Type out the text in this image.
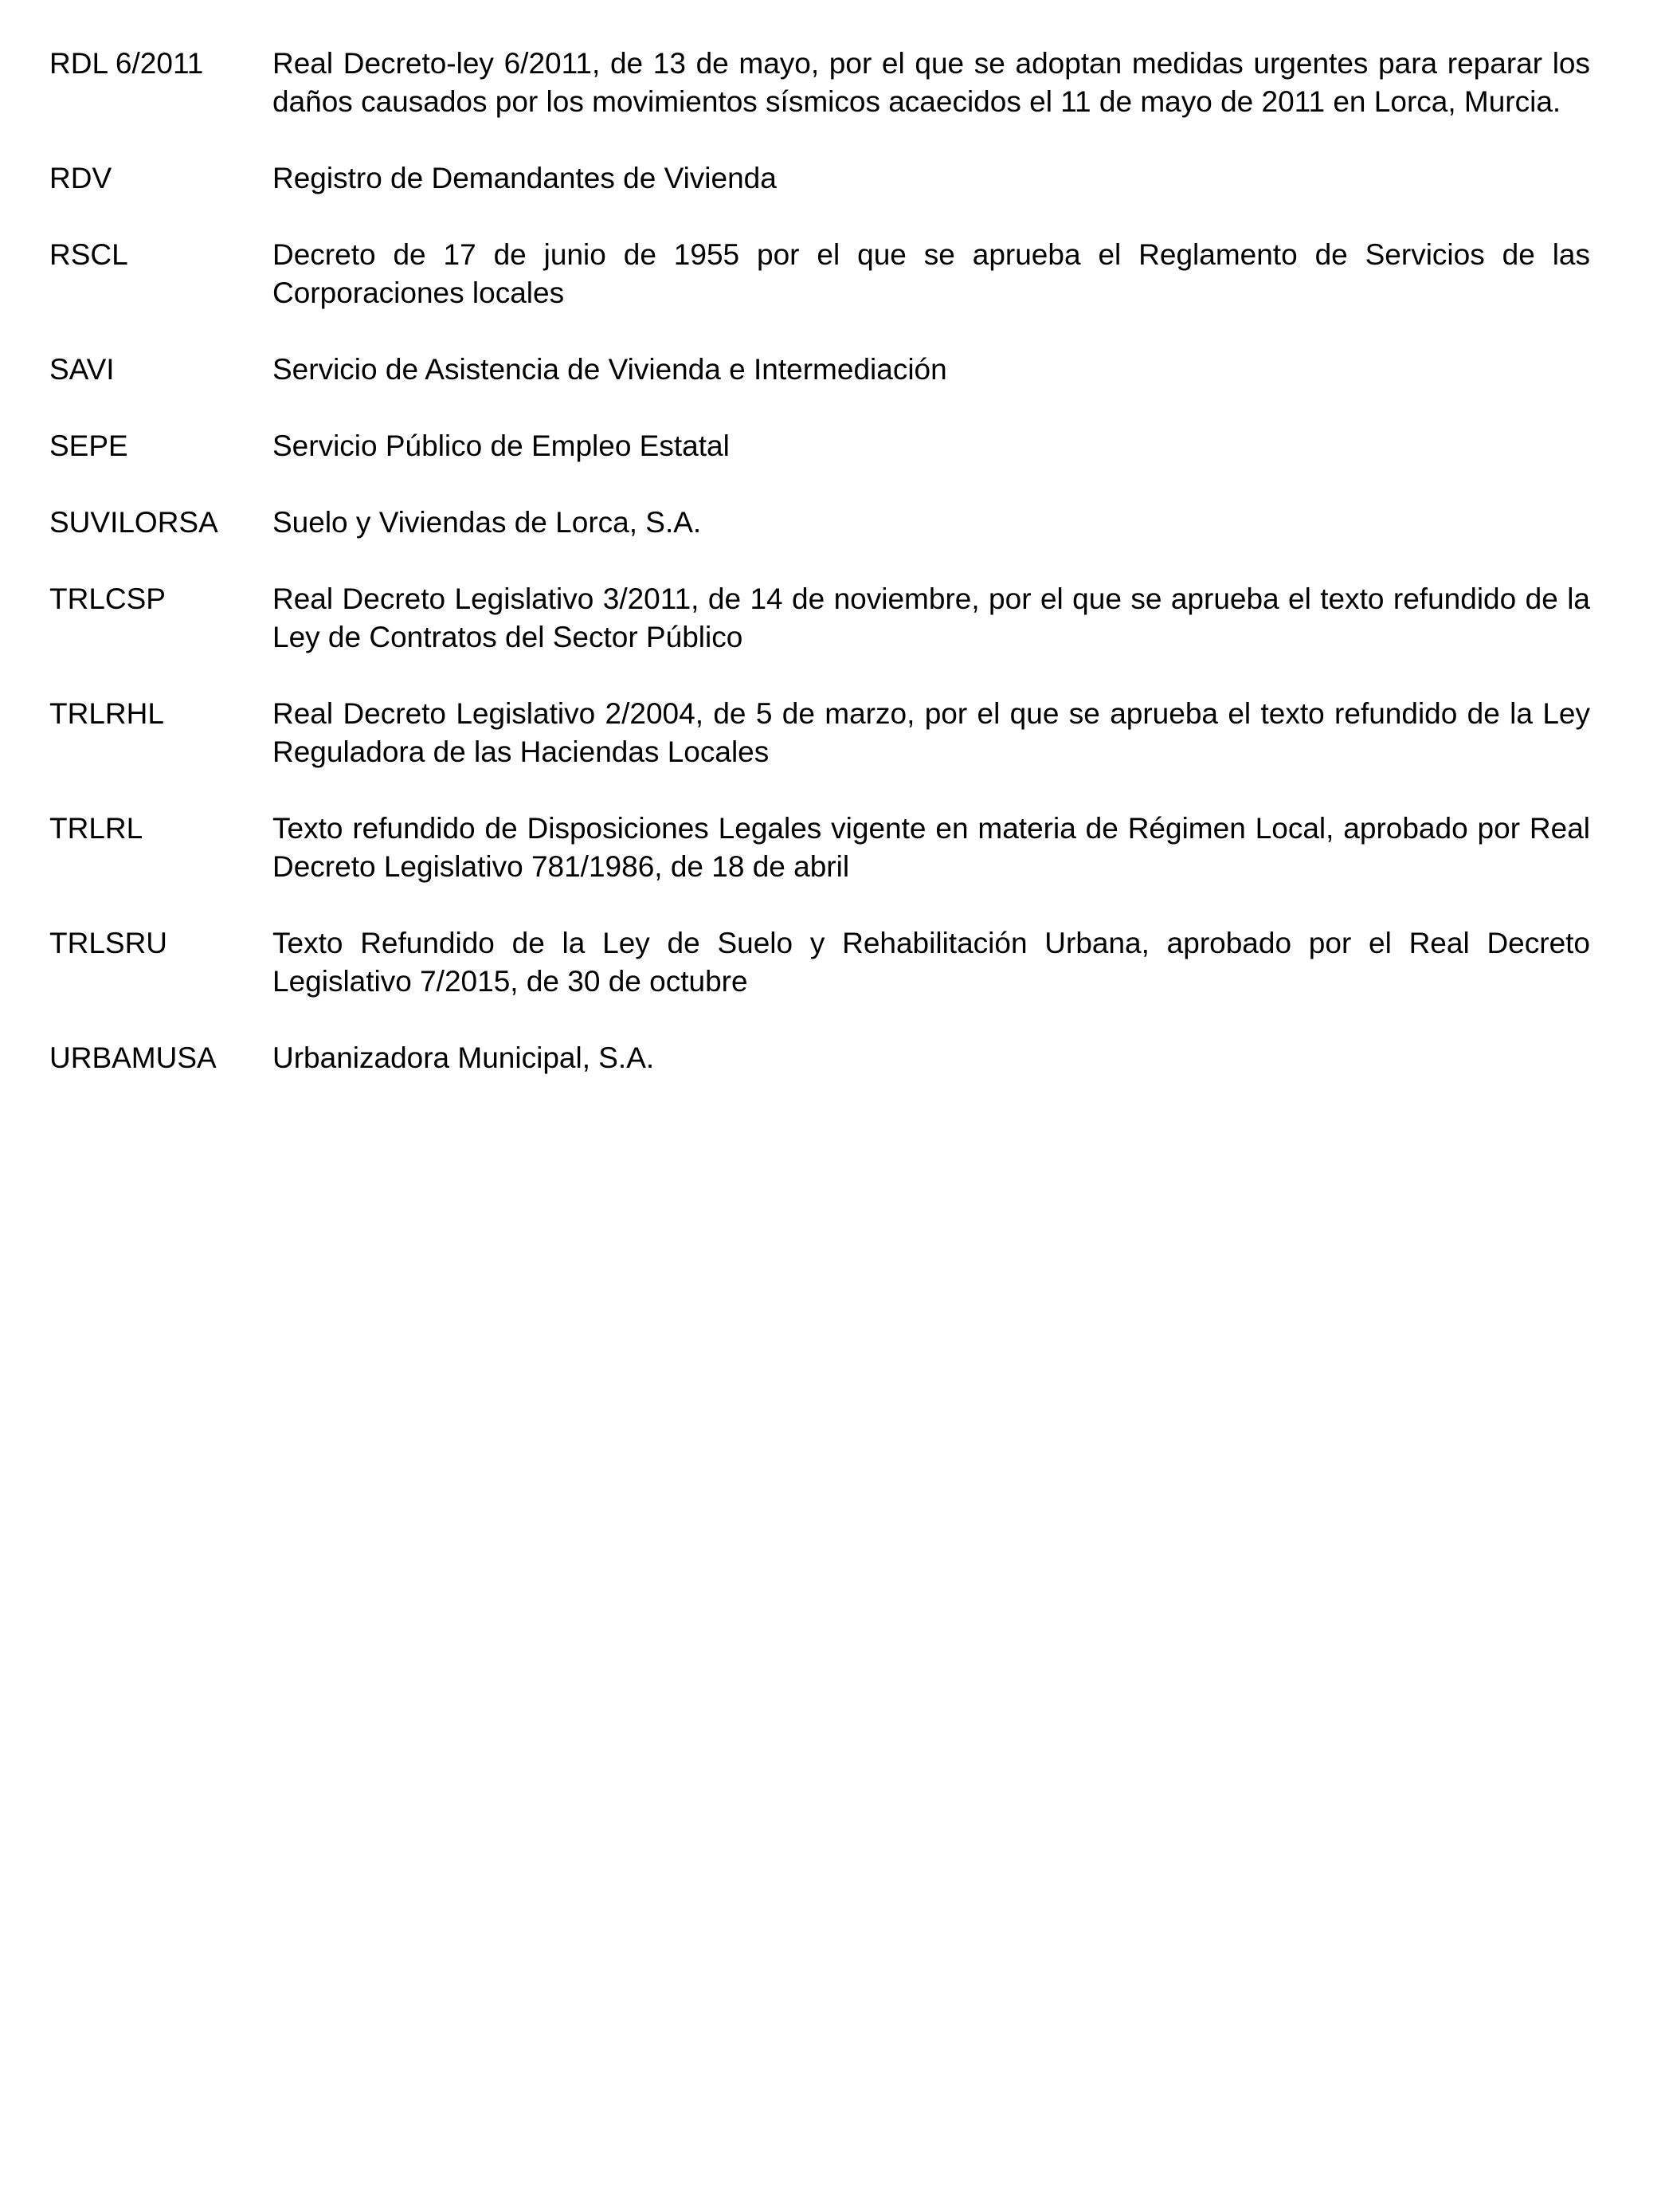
RDL 6/2011	Real Decreto-ley 6/2011, de 13 de mayo, por el que se adoptan medidas urgentes para reparar los daños causados por los movimientos sísmicos acaecidos el 11 de mayo de 2011 en Lorca, Murcia.
RDV	Registro de Demandantes de Vivienda
RSCL	Decreto de 17 de junio de 1955 por el que se aprueba el Reglamento de Servicios de las Corporaciones locales
SAVI	Servicio de Asistencia de Vivienda e Intermediación
SEPE	Servicio Público de Empleo Estatal
SUVILORSA	Suelo y Viviendas de Lorca, S.A.
TRLCSP	Real Decreto Legislativo 3/2011, de 14 de noviembre, por el que se aprueba el texto refundido de la Ley de Contratos del Sector Público
TRLRHL	Real Decreto Legislativo 2/2004, de 5 de marzo, por el que se aprueba el texto refundido de la Ley Reguladora de las Haciendas Locales
TRLRL	Texto refundido de Disposiciones Legales vigente en materia de Régimen Local, aprobado por Real Decreto Legislativo 781/1986, de 18 de abril
TRLSRU	Texto Refundido de la Ley de Suelo y Rehabilitación Urbana, aprobado por el Real Decreto Legislativo 7/2015, de 30 de octubre
URBAMUSA	Urbanizadora Municipal, S.A.
